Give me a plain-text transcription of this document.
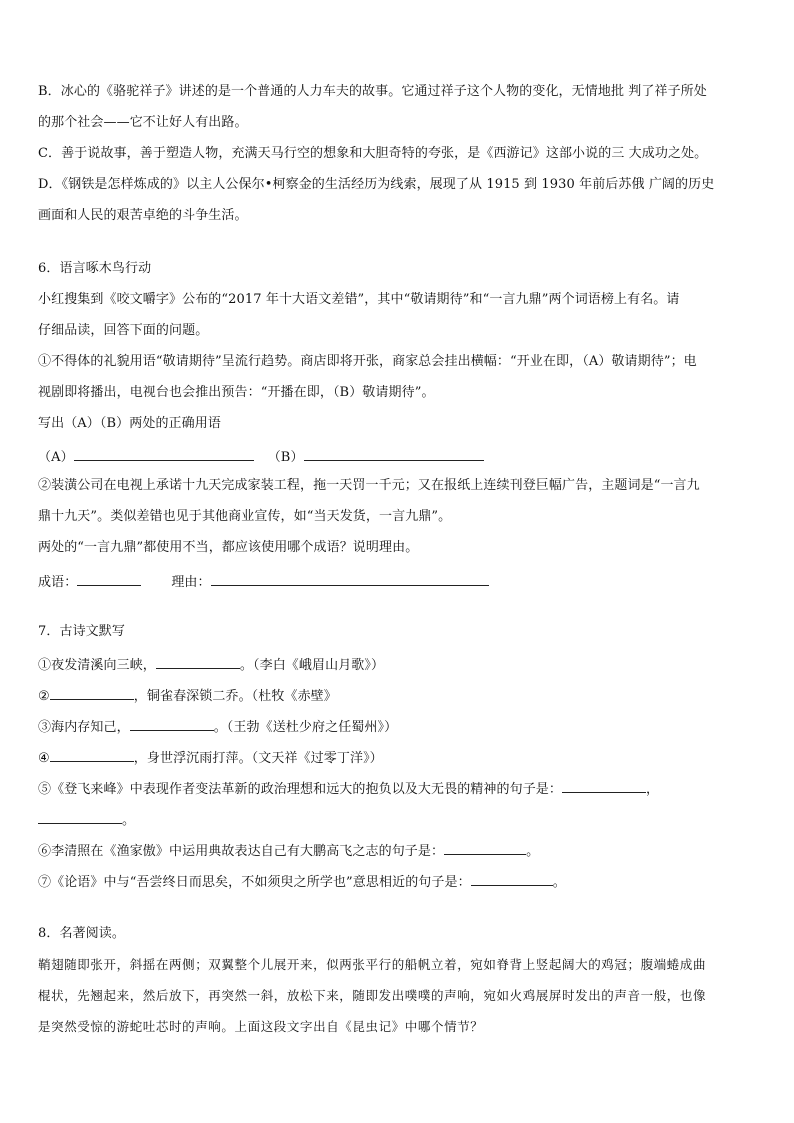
B．冰心的《骆驼祥子》讲述的是一个普通的人力车夫的故事。它通过祥子这个人物的变化，无情地批 判了祥子所处
的那个社会——它不让好人有出路。
C．善于说故事，善于塑造人物，充满天马行空的想象和大胆奇特的夸张，是《西游记》这部小说的三 大成功之处。
D．《钢铁是怎样炼成的》以主人公保尔•柯察金的生活经历为线索，展现了从 1915 到 1930 年前后苏俄 广阔的历史
画面和人民的艰苦卓绝的斗争生活。
6．语言啄木鸟行动
小红搜集到《咬文嚼字》公布的“2017 年十大语文差错”，其中“敬请期待”和“一言九鼎”两个词语榜上有名。请
仔细品读，回答下面的问题。
①不得体的礼貌用语“敬请期待”呈流行趋势。商店即将开张，商家总会挂出横幅：“开业在即，（A）敬请期待”；电
视剧即将播出，电视台也会推出预告：“开播在即，（B）敬请期待”。
写出（A）（B）两处的正确用语
（A）	（B）
②装潢公司在电视上承诺十九天完成家装工程，拖一天罚一千元；又在报纸上连续刊登巨幅广告，主题词是“一言九
鼎十九天”。类似差错也见于其他商业宣传，如“当天发货，一言九鼎”。
两处的“一言九鼎”都使用不当，都应该使用哪个成语？说明理由。
成语：	理由：
7．古诗文默写
①夜发清溪向三峡，	。（李白《峨眉山月歌》）
②	，铜雀春深锁二乔。（杜牧《赤壁》
③海内存知己，	。（王勃《送杜少府之任蜀州》）
④	，身世浮沉雨打萍。（文天祥《过零丁洋》）
⑤《登飞来峰》中表现作者变法革新的政治理想和远大的抱负以及大无畏的精神的句子是：	，
。
⑥李清照在《渔家傲》中运用典故表达自己有大鹏高飞之志的句子是：	。
⑦《论语》中与“吾尝终日而思矣，不如须臾之所学也”意思相近的句子是：	。
8．名著阅读。
鞘翅随即张开，斜摇在两侧；双翼整个儿展开来，似两张平行的船帆立着，宛如脊背上竖起阔大的鸡冠；腹端蜷成曲
棍状，先翘起来，然后放下，再突然一斜，放松下来，随即发出噗噗的声响，宛如火鸡展屏时发出的声音一般，也像
是突然受惊的游蛇吐芯时的声响。上面这段文字出自《昆虫记》中哪个情节？
